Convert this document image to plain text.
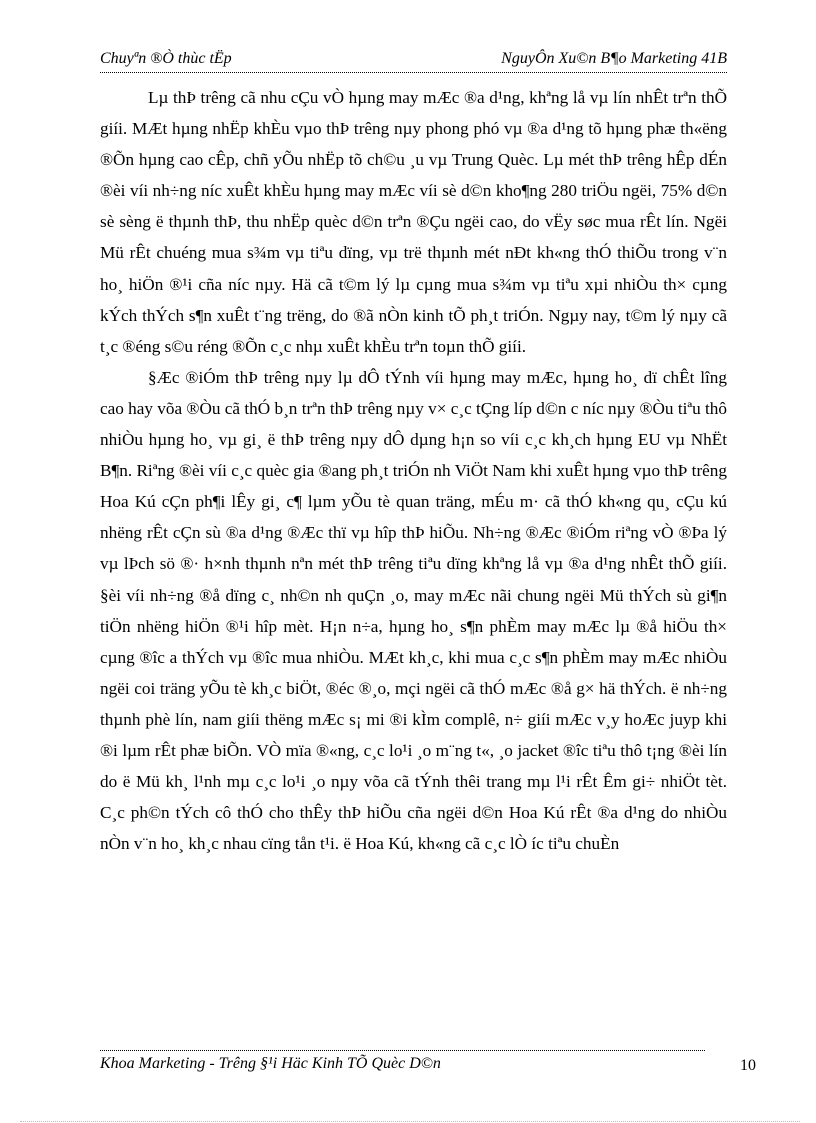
Chuyªn ®Ò thùc tËp	NguyÔn Xu©n B¶o Marketing 41B

Lµ thÞ trêng cã nhu cÇu vÒ hµng may mÆc ®a d¹ng, khªng lå vµ lín nhÊt trªn thÕ giíi. MÆt hµng nhËp khÈu vµo thÞ trêng nµy phong phó vµ ®a d¹ng tõ hµng phæ th«ëng ®Õn hµng cao cÊp, chñ yÕu nhËp tõ ch©u ¸u vµ Trung Quèc. Lµ mét thÞ trêng hÊp dÉn ®èi víi nh÷ng níc xuÊt khÈu hµng may mÆc víi sè d©n kho¶ng 280 triÖu ngëi, 75% d©n sè sèng ë thµnh thÞ, thu nhËp quèc d©n trªn ®Çu ngëi cao, do vËy søc mua rÊt lín. Ngëi Mü rÊt chuéng mua s¾m vµ tiªu dïng, vµ trë thµnh mét nÐt kh«ng thÓ thiÕu trong v¨n ho¸ hiÖn ®¹i cña níc nµy. Hä cã t©m lý lµ cµng mua s¾m vµ tiªu xµi nhiÒu th× cµng kÝch thÝch s¶n xuÊt t¨ng trëng, do ®ã nÒn kinh tÕ ph¸t triÓn. Ngµy nay, t©m lý nµy cã t¸c ®éng s©u réng ®Õn c¸c nhµ xuÊt khÈu trªn toµn thÕ giíi.

§Æc ®iÓm thÞ trêng nµy lµ dÔ tÝnh víi hµng may mÆc, hµng ho¸ dï chÊt lîng cao hay võa ®Òu cã thÓ b¸n trªn thÞ trêng nµy v× c¸c tÇng líp d©n c níc nµy ®Òu tiªu thô nhiÒu hµng ho¸ vµ gi¸ ë thÞ trêng nµy dÔ dµng h¡n so víi c¸c kh¸ch hµng EU vµ NhËt B¶n. Riªng ®èi víi c¸c quèc gia ®ang ph¸t triÓn nh ViÖt Nam khi xuÊt hµng vµo thÞ trêng Hoa Kú cÇn ph¶i lÊy gi¸ c¶ lµm yÕu tè quan träng, mÉu m· cã thÓ kh«ng qu¸ cÇu kú nhëng rÊt cÇn sù ®a d¹ng ®Æc thï vµ hîp thÞ hiÕu. Nh÷ng ®Æc ®iÓm riªng vÒ ®Þa lý vµ lÞch sö ®· h×nh thµnh nªn mét thÞ trêng tiªu dïng khªng lå vµ ®a d¹ng nhÊt thÕ giíi. §èi víi nh÷ng ®å dïng c¸ nh©n nh quÇn ¸o, may mÆc nãi chung ngëi Mü thÝch sù gi¶n tiÖn nhëng hiÖn ®¹i hîp mèt. H¡n n÷a, hµng ho¸ s¶n phÈm may mÆc lµ ®å hiÖu th× cµng ®îc a thÝch vµ ®îc mua nhiÒu. MÆt kh¸c, khi mua c¸c s¶n phÈm may mÆc nhiÒu ngëi coi träng yÕu tè kh¸c biÖt, ®éc ®¸o, mçi ngëi cã thÓ mÆc ®å g× hä thÝch. ë nh÷ng thµnh phè lín, nam giíi thëng mÆc s¡ mi ®i kÌm complê, n÷ giíi mÆc v¸y hoÆc juyp khi ®i lµm rÊt phæ biÕn. VÒ mïa ®«ng, c¸c lo¹i ¸o m¨ng t«, ¸o jacket ®îc tiªu thô t¡ng ®èi lín do ë Mü kh¸ l¹nh mµ c¸c lo¹i ¸o nµy võa cã tÝnh thêi trang mµ l¹i rÊt Êm gi÷ nhiÖt tèt. C¸c ph©n tÝch cô thÓ cho thÊy thÞ hiÕu cña ngëi d©n Hoa Kú rÊt ®a d¹ng do nhiÒu nÒn v¨n ho¸ kh¸c nhau cïng tån t¹i. ë Hoa Kú, kh«ng cã c¸c lÒ íc tiªu chuÈn

Khoa Marketing - Trêng §¹i Häc Kinh TÕ Quèc D©n	10
